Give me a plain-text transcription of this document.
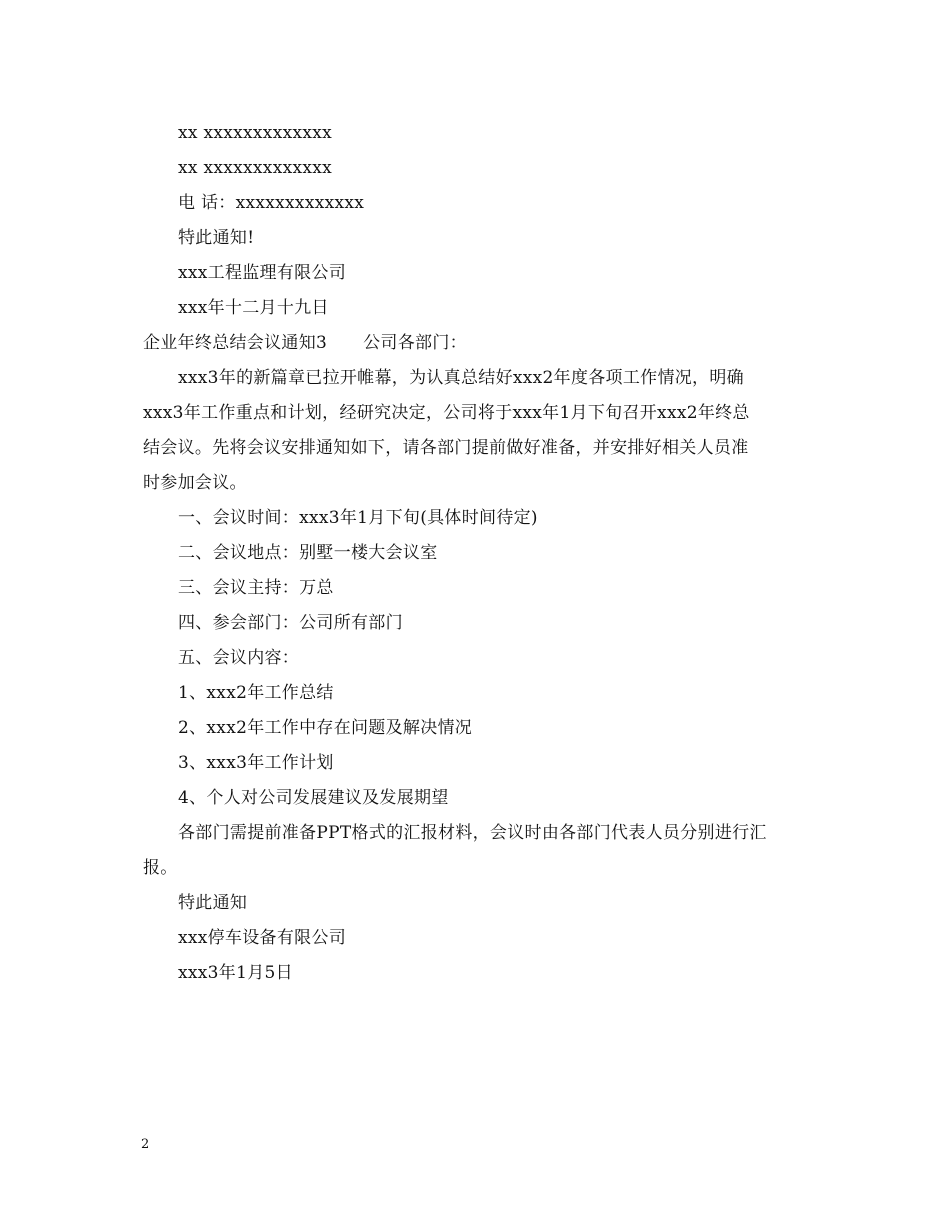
xx xxxxxxxxxxxxx
xx xxxxxxxxxxxxx
电 话：xxxxxxxxxxxxx
特此通知!
xxx工程监理有限公司
xxx年十二月十九日
企业年终总结会议通知3 公司各部门：
xxx3年的新篇章已拉开帷幕，为认真总结好xxx2年度各项工作情况，明确
xxx3年工作重点和计划，经研究决定，公司将于xxx年1月下旬召开xxx2年终总
结会议。先将会议安排通知如下，请各部门提前做好准备，并安排好相关人员准
时参加会议。
一、会议时间：xxx3年1月下旬(具体时间待定)
二、会议地点：别墅一楼大会议室
三、会议主持：万总
四、参会部门：公司所有部门
五、会议内容：
1、xxx2年工作总结
2、xxx2年工作中存在问题及解决情况
3、xxx3年工作计划
4、个人对公司发展建议及发展期望
各部门需提前准备PPT格式的汇报材料，会议时由各部门代表人员分别进行汇
报。
特此通知
xxx停车设备有限公司
xxx3年1月5日
2
